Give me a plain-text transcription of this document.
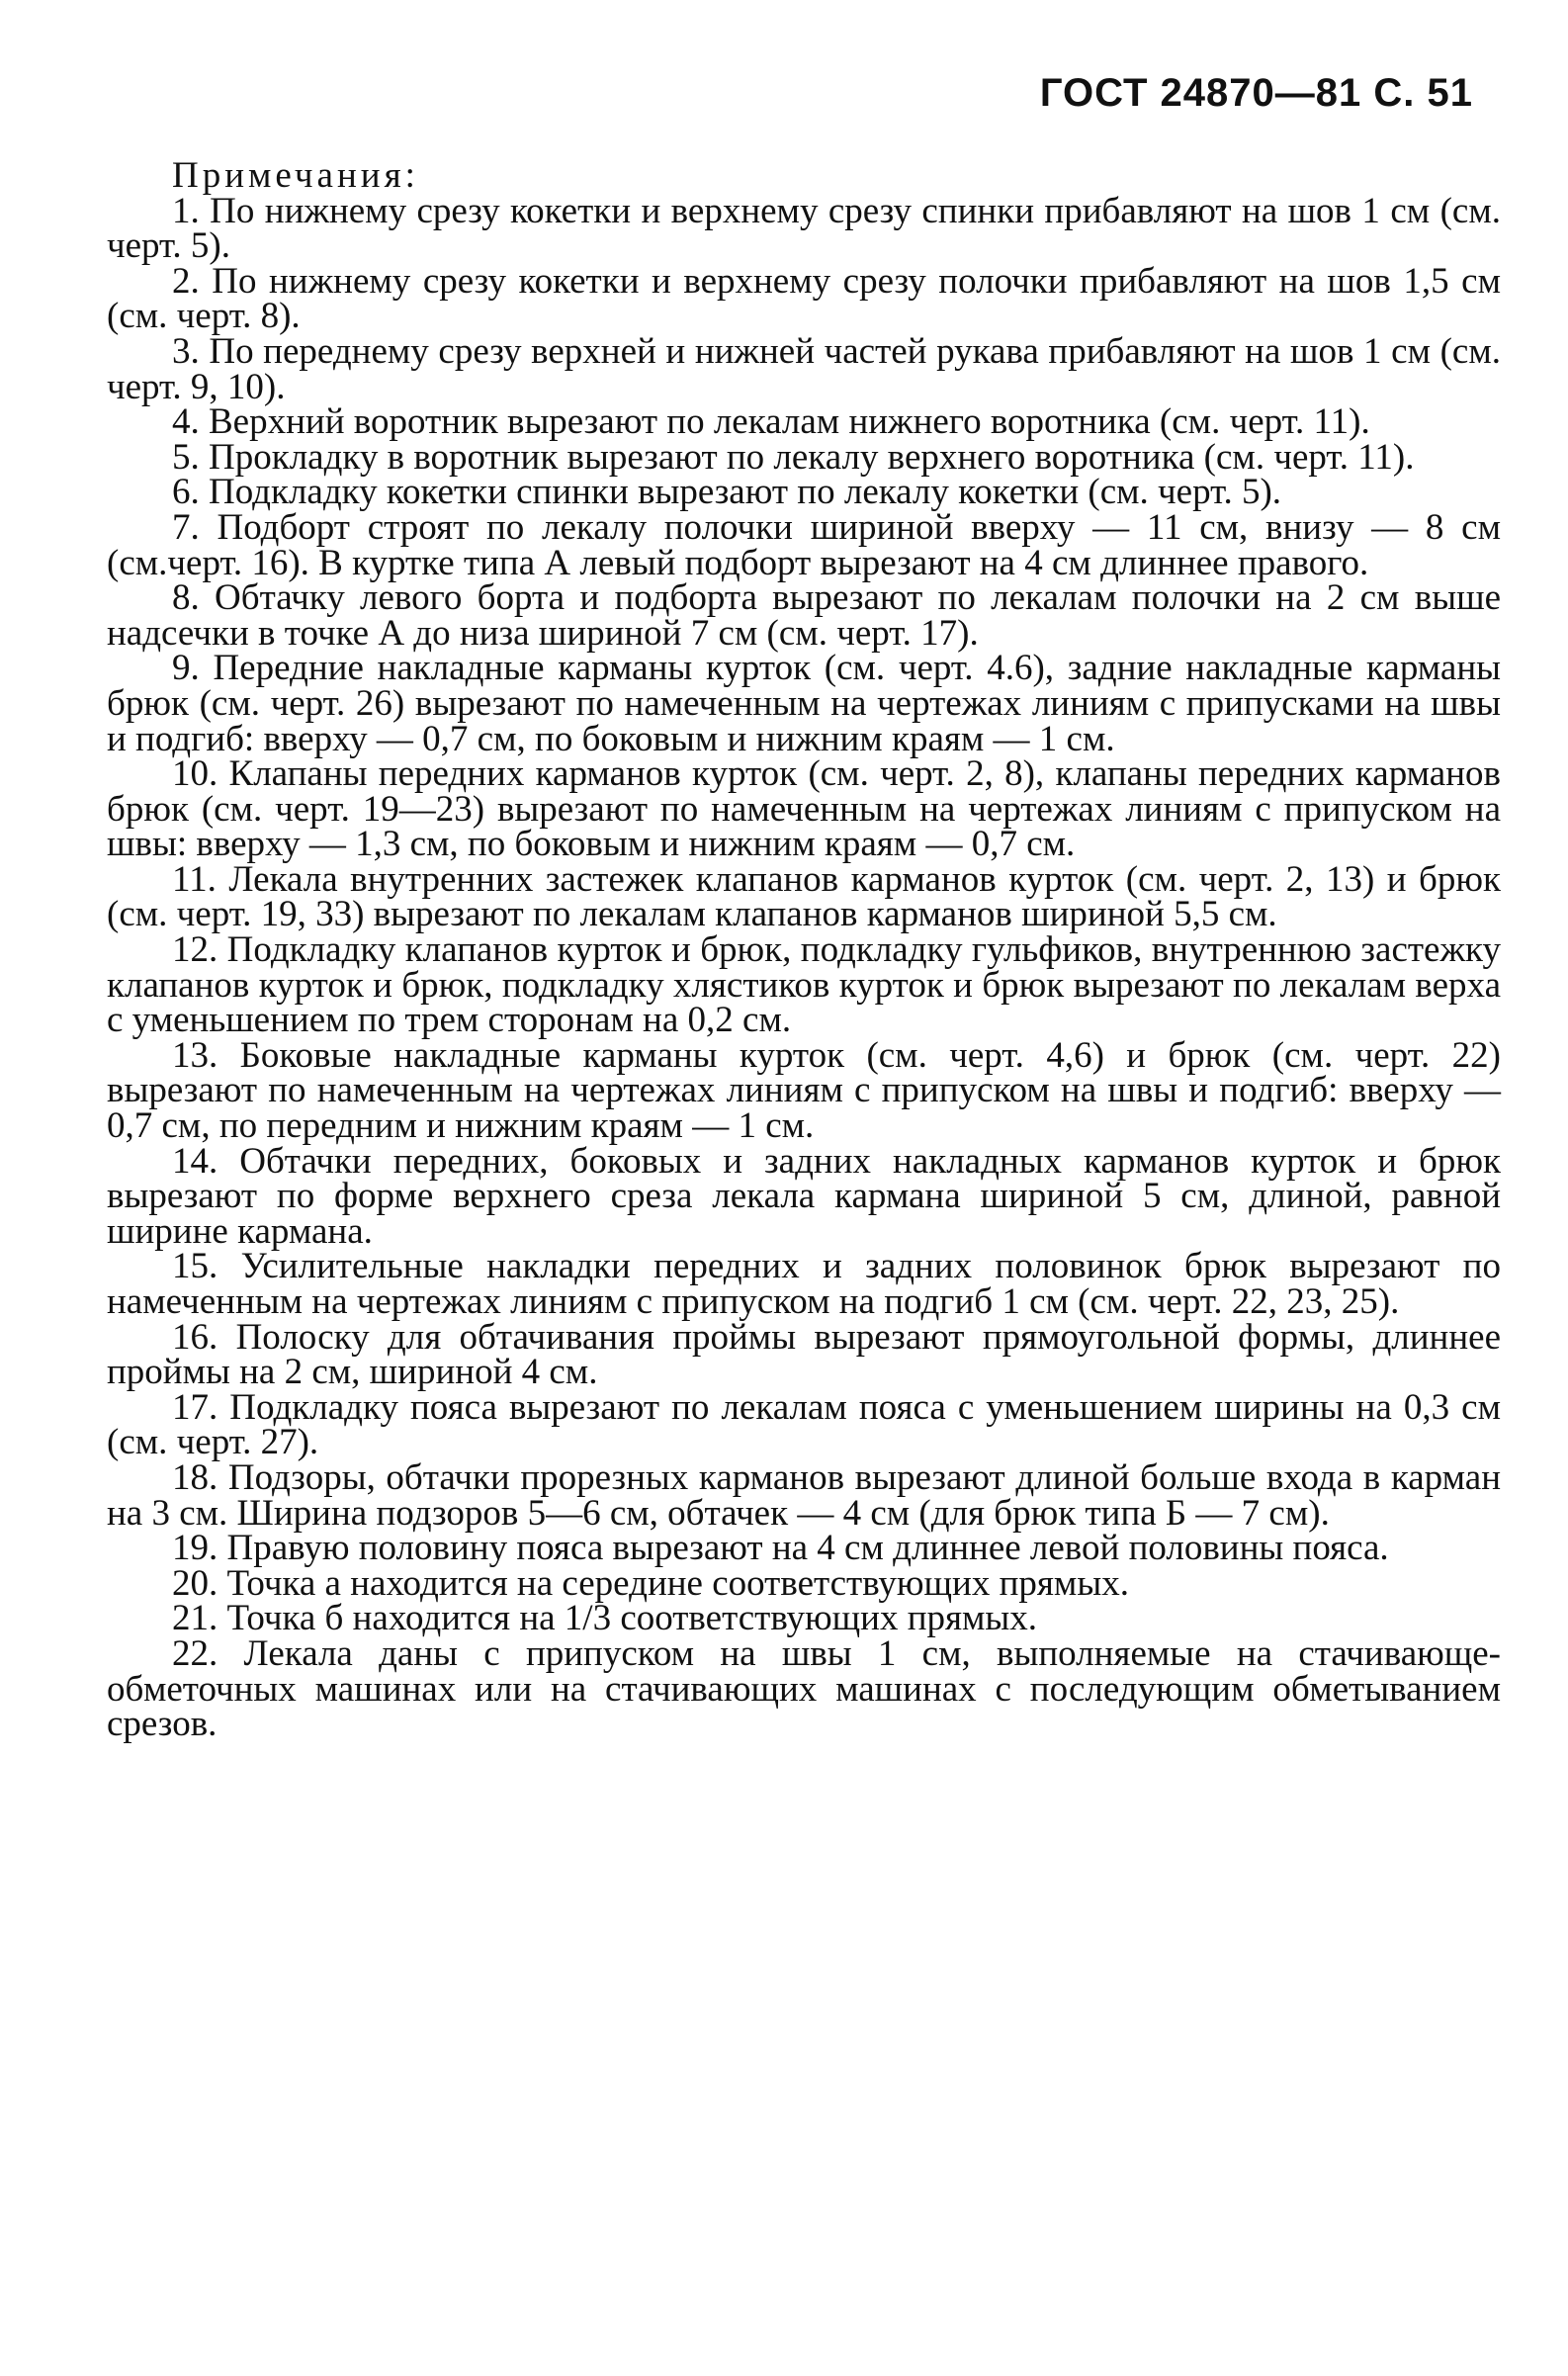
ГОСТ 24870—81 С. 51
Примечания:

1. По нижнему срезу кокетки и верхнему срезу спинки прибавляют на шов 1 см (см. черт. 5).

2. По нижнему срезу кокетки и верхнему срезу полочки прибавляют на шов 1,5 см (см. черт. 8).

3. По переднему срезу верхней и нижней частей рукава прибавляют на шов 1 см (см. черт. 9, 10).

4. Верхний воротник вырезают по лекалам нижнего воротника (см. черт. 11).

5. Прокладку в воротник вырезают по лекалу верхнего воротника (см. черт. 11).

6. Подкладку кокетки спинки вырезают по лекалу кокетки (см. черт. 5).

7. Подборт строят по лекалу полочки шириной вверху — 11 см, внизу — 8 см (см.черт. 16). В куртке типа А левый подборт вырезают на 4 см длиннее правого.

8. Обтачку левого борта и подборта вырезают по лекалам полочки на 2 см выше надсечки в точке А до низа шириной 7 см (см. черт. 17).

9. Передние накладные карманы курток (см. черт. 4.6), задние накладные карманы брюк (см. черт. 26) вырезают по намеченным на чертежах линиям с припусками на швы и подгиб: вверху — 0,7 см, по боковым и нижним краям — 1 см.

10. Клапаны передних карманов курток (см. черт. 2, 8), клапаны передних карманов брюк (см. черт. 19—23) вырезают по намеченным на чертежах линиям с припуском на швы: вверху — 1,3 см, по боковым и нижним краям — 0,7 см.

11. Лекала внутренних застежек клапанов карманов курток (см. черт. 2, 13) и брюк (см. черт. 19, 33) вырезают по лекалам клапанов карманов шириной 5,5 см.

12. Подкладку клапанов курток и брюк, подкладку гульфиков, внутреннюю застежку клапанов курток и брюк, подкладку хлястиков курток и брюк вырезают по лекалам верха с уменьшением по трем сторонам на 0,2 см.

13. Боковые накладные карманы курток (см. черт. 4,6) и брюк (см. черт. 22) вырезают по намеченным на чертежах линиям с припуском на швы и подгиб: вверху — 0,7 см, по передним и нижним краям — 1 см.

14. Обтачки передних, боковых и задних накладных карманов курток и брюк вырезают по форме верхнего среза лекала кармана шириной 5 см, длиной, равной ширине кармана.

15. Усилительные накладки передних и задних половинок брюк вырезают по намеченным на чертежах линиям с припуском на подгиб 1 см (см. черт. 22, 23, 25).

16. Полоску для обтачивания проймы вырезают прямоугольной формы, длиннее проймы на 2 см, шириной 4 см.

17. Подкладку пояса вырезают по лекалам пояса с уменьшением ширины на 0,3 см (см. черт. 27).

18. Подзоры, обтачки прорезных карманов вырезают длиной больше входа в карман на 3 см. Ширина подзоров 5—6 см, обтачек — 4 см (для брюк типа Б — 7 см).

19. Правую половину пояса вырезают на 4 см длиннее левой половины пояса.

20. Точка а находится на середине соответствующих прямых.

21. Точка б находится на 1/3 соответствующих прямых.

22. Лекала даны с припуском на швы 1 см, выполняемые на стачивающе-обметочных машинах или на стачивающих машинах с последующим обметыванием срезов.
